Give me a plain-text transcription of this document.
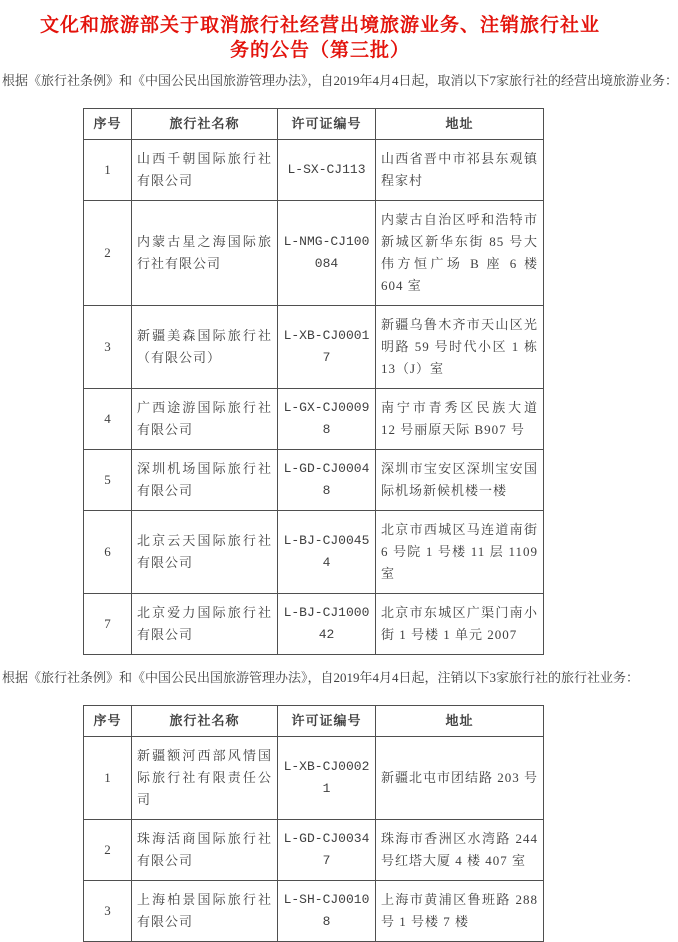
文化和旅游部关于取消旅行社经营出境旅游业务、注销旅行社业
务的公告（第三批）
根据《旅行社条例》和《中国公民出国旅游管理办法》，自2019年4月4日起，取消以下7家旅行社的经营出境旅游业务：
序号	旅行社名称	许可证编号	地址
1	山西千朝国际旅行社有限公司	L-SX-CJ113	山西省晋中市祁县东观镇程家村
2	内蒙古星之海国际旅行社有限公司	L-NMG-CJ100084	内蒙古自治区呼和浩特市新城区新华东街 85 号大伟方恒广场 B 座 6 楼 604 室
3	新疆美森国际旅行社（有限公司）	L-XB-CJ00017	新疆乌鲁木齐市天山区光明路 59 号时代小区 1 栋 13（J）室
4	广西途游国际旅行社有限公司	L-GX-CJ00098	南宁市青秀区民族大道 12 号丽原天际 B907 号
5	深圳机场国际旅行社有限公司	L-GD-CJ00048	深圳市宝安区深圳宝安国际机场新候机楼一楼
6	北京云天国际旅行社有限公司	L-BJ-CJ00454	北京市西城区马连道南街 6 号院 1 号楼 11 层 1109 室
7	北京爱力国际旅行社有限公司	L-BJ-CJ100042	北京市东城区广渠门南小街 1 号楼 1 单元 2007
根据《旅行社条例》和《中国公民出国旅游管理办法》，自2019年4月4日起，注销以下3家旅行社的旅行社业务：
序号	旅行社名称	许可证编号	地址
1	新疆额河西部风情国际旅行社有限责任公司	L-XB-CJ00021	新疆北屯市团结路 203 号
2	珠海活商国际旅行社有限公司	L-GD-CJ00347	珠海市香洲区水湾路 244 号红塔大厦 4 楼 407 室
3	上海柏景国际旅行社有限公司	L-SH-CJ00108	上海市黄浦区鲁班路 288 号 1 号楼 7 楼
